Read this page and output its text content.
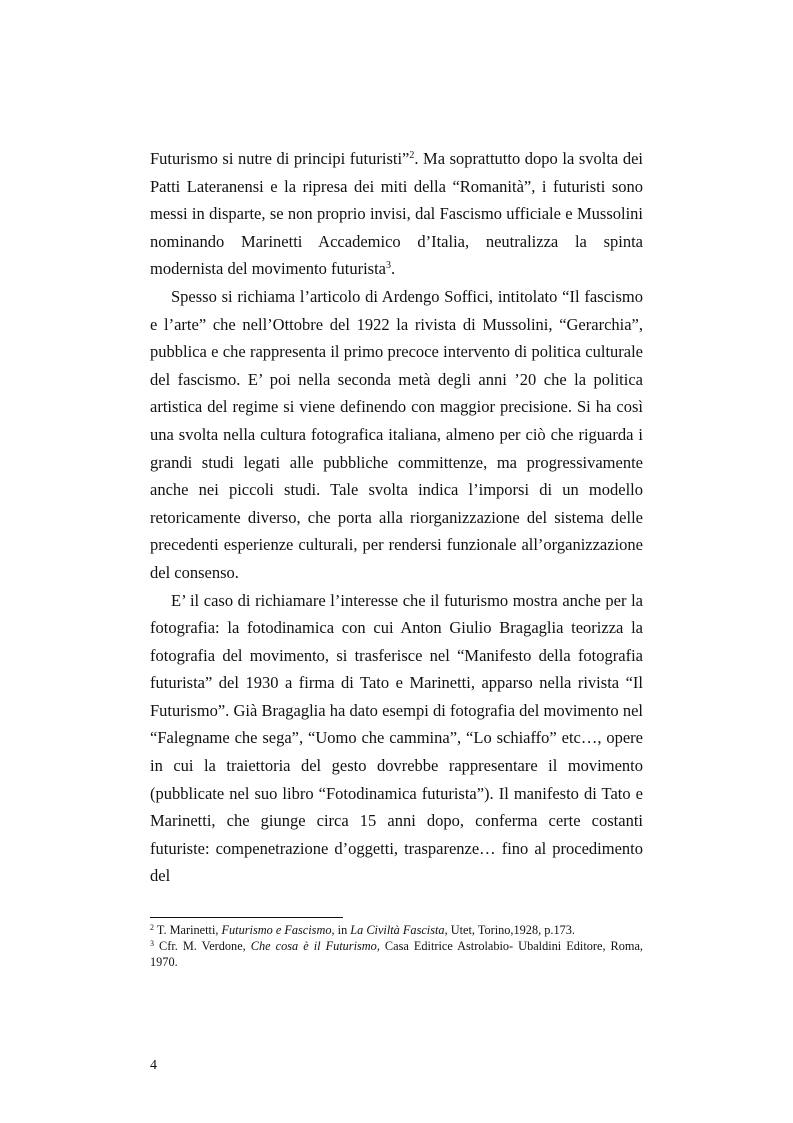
Futurismo si nutre di principi futuristi”$^2$. Ma soprattutto dopo la svolta dei Patti Lateranensi e la ripresa dei miti della “Romanità”, i futuristi sono messi in disparte, se non proprio invisi, dal Fascismo ufficiale e Mussolini nominando Marinetti Accademico d’Italia, neutralizza la spinta modernista del movimento futurista$^3$.

Spesso si richiama l’articolo di Ardengo Soffici, intitolato “Il fascismo e l’arte” che nell’Ottobre del 1922 la rivista di Mussolini, “Gerarchia”, pubblica e che rappresenta il primo precoce intervento di politica culturale del fascismo. E’ poi nella seconda metà degli anni ’20 che la politica artistica del regime si viene definendo con maggior precisione. Si ha così una svolta nella cultura fotografica italiana, almeno per ciò che riguarda i grandi studi legati alle pubbliche committenze, ma progressivamente anche nei piccoli studi. Tale svolta indica l’imporsi di un modello retoricamente diverso, che porta alla riorganizzazione del sistema delle precedenti esperienze culturali, per rendersi funzionale all’organizzazione del consenso.

E’ il caso di richiamare l’interesse che il futurismo mostra anche per la fotografia: la fotodinamica con cui Anton Giulio Bragaglia teorizza la fotografia del movimento, si trasferisce nel “Manifesto della fotografia futurista” del 1930 a firma di Tato e Marinetti, apparso nella rivista “Il Futurismo”. Già Bragaglia ha dato esempi di fotografia del movimento nel “Falegname che sega”, “Uomo che cammina”, “Lo schiaffo” etc…, opere in cui la traiettoria del gesto dovrebbe rappresentare il movimento (pubblicate nel suo libro “Fotodinamica futurista”). Il manifesto di Tato e Marinetti, che giunge circa 15 anni dopo, conferma certe costanti futuriste: compenetrazione d’oggetti, trasparenze… fino al procedimento del

$^2$ T. Marinetti, Futurismo e Fascismo, in La Civiltà Fascista, Utet, Torino,1928, p.173.

$^3$ Cfr. M. Verdone, Che cosa è il Futurismo, Casa Editrice Astrolabio- Ubaldini Editore, Roma, 1970.

4
